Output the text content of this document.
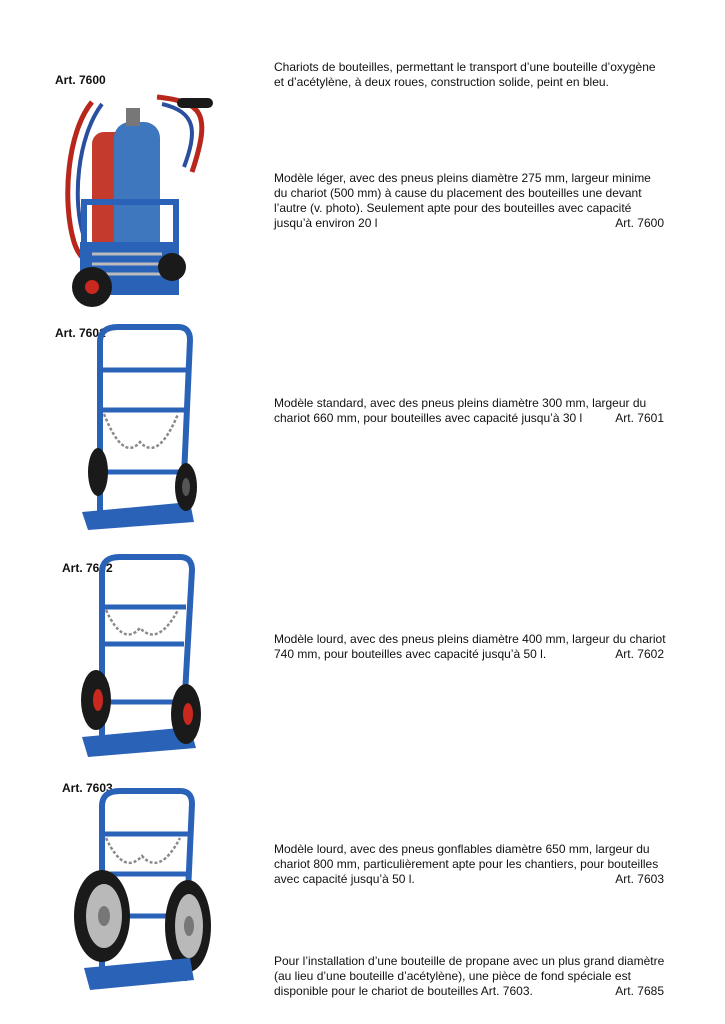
Chariots de bouteilles, permettant le transport d’une bouteille d’oxygène
et d’acétylène, à deux roues, construction solide, peint en bleu.
Art. 7600
Modèle léger, avec des pneus pleins diamètre 275 mm, largeur minime
du chariot (500 mm) à cause du placement des bouteilles une devant
l’autre (v. photo). Seulement apte pour des bouteilles avec capacité
jusqu’à environ 20 l	Art. 7600
Art. 7601
Modèle standard, avec des pneus pleins diamètre 300 mm, largeur du
chariot 660 mm, pour bouteilles avec capacité jusqu’à 30 l	Art. 7601
Art. 7602
Modèle lourd, avec des pneus pleins diamètre 400 mm, largeur du chariot
740 mm, pour bouteilles avec capacité jusqu’à 50 l.	Art. 7602
Art. 7603
Modèle lourd, avec des pneus gonflables diamètre 650 mm, largeur du
chariot 800 mm, particulièrement apte pour les chantiers, pour bouteilles
avec capacité jusqu’à 50 l.	Art. 7603
Pour l’installation d’une bouteille de propane avec un plus grand diamètre
(au lieu d’une bouteille d’acétylène), une pièce de fond spéciale est
disponible pour le chariot de bouteilles Art. 7603.	Art. 7685
